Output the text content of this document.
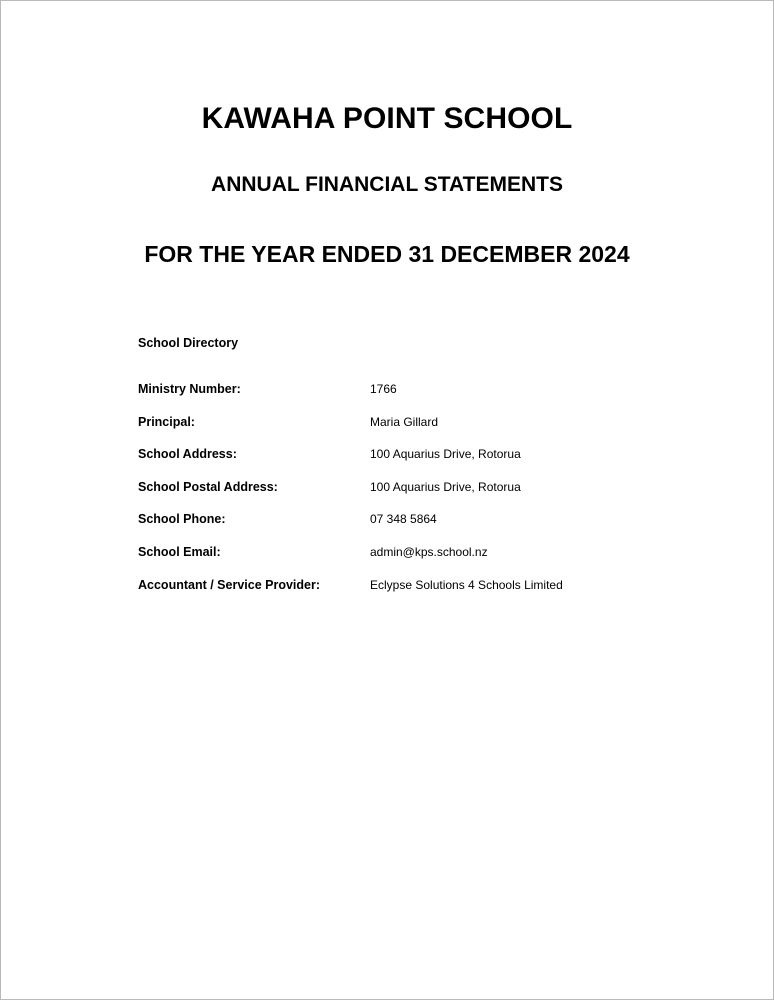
KAWAHA POINT SCHOOL
ANNUAL FINANCIAL STATEMENTS
FOR THE YEAR ENDED 31 DECEMBER 2024
School Directory
Ministry Number:	1766
Principal:	Maria Gillard
School Address:	100 Aquarius Drive, Rotorua
School Postal Address:	100 Aquarius Drive, Rotorua
School Phone:	07 348 5864
School Email:	admin@kps.school.nz
Accountant / Service Provider:	Eclypse Solutions 4 Schools Limited
